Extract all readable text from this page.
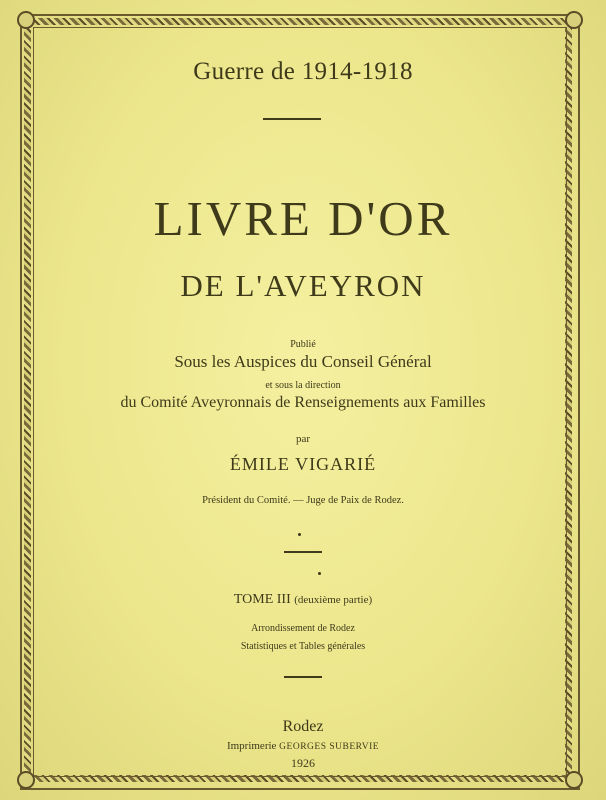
Guerre de 1914-1918
LIVRE D'OR
DE L'AVEYRON
Publié
Sous les Auspices du Conseil Général
et sous la direction
du Comité Aveyronnais de Renseignements aux Familles
par
ÉMILE VIGARIÉ
Président du Comité. — Juge de Paix de Rodez.
TOME III (deuxième partie)
Arrondissement de Rodez
Statistiques et Tables générales
Rodez
Imprimerie GEORGES SUBERVIE
1926
